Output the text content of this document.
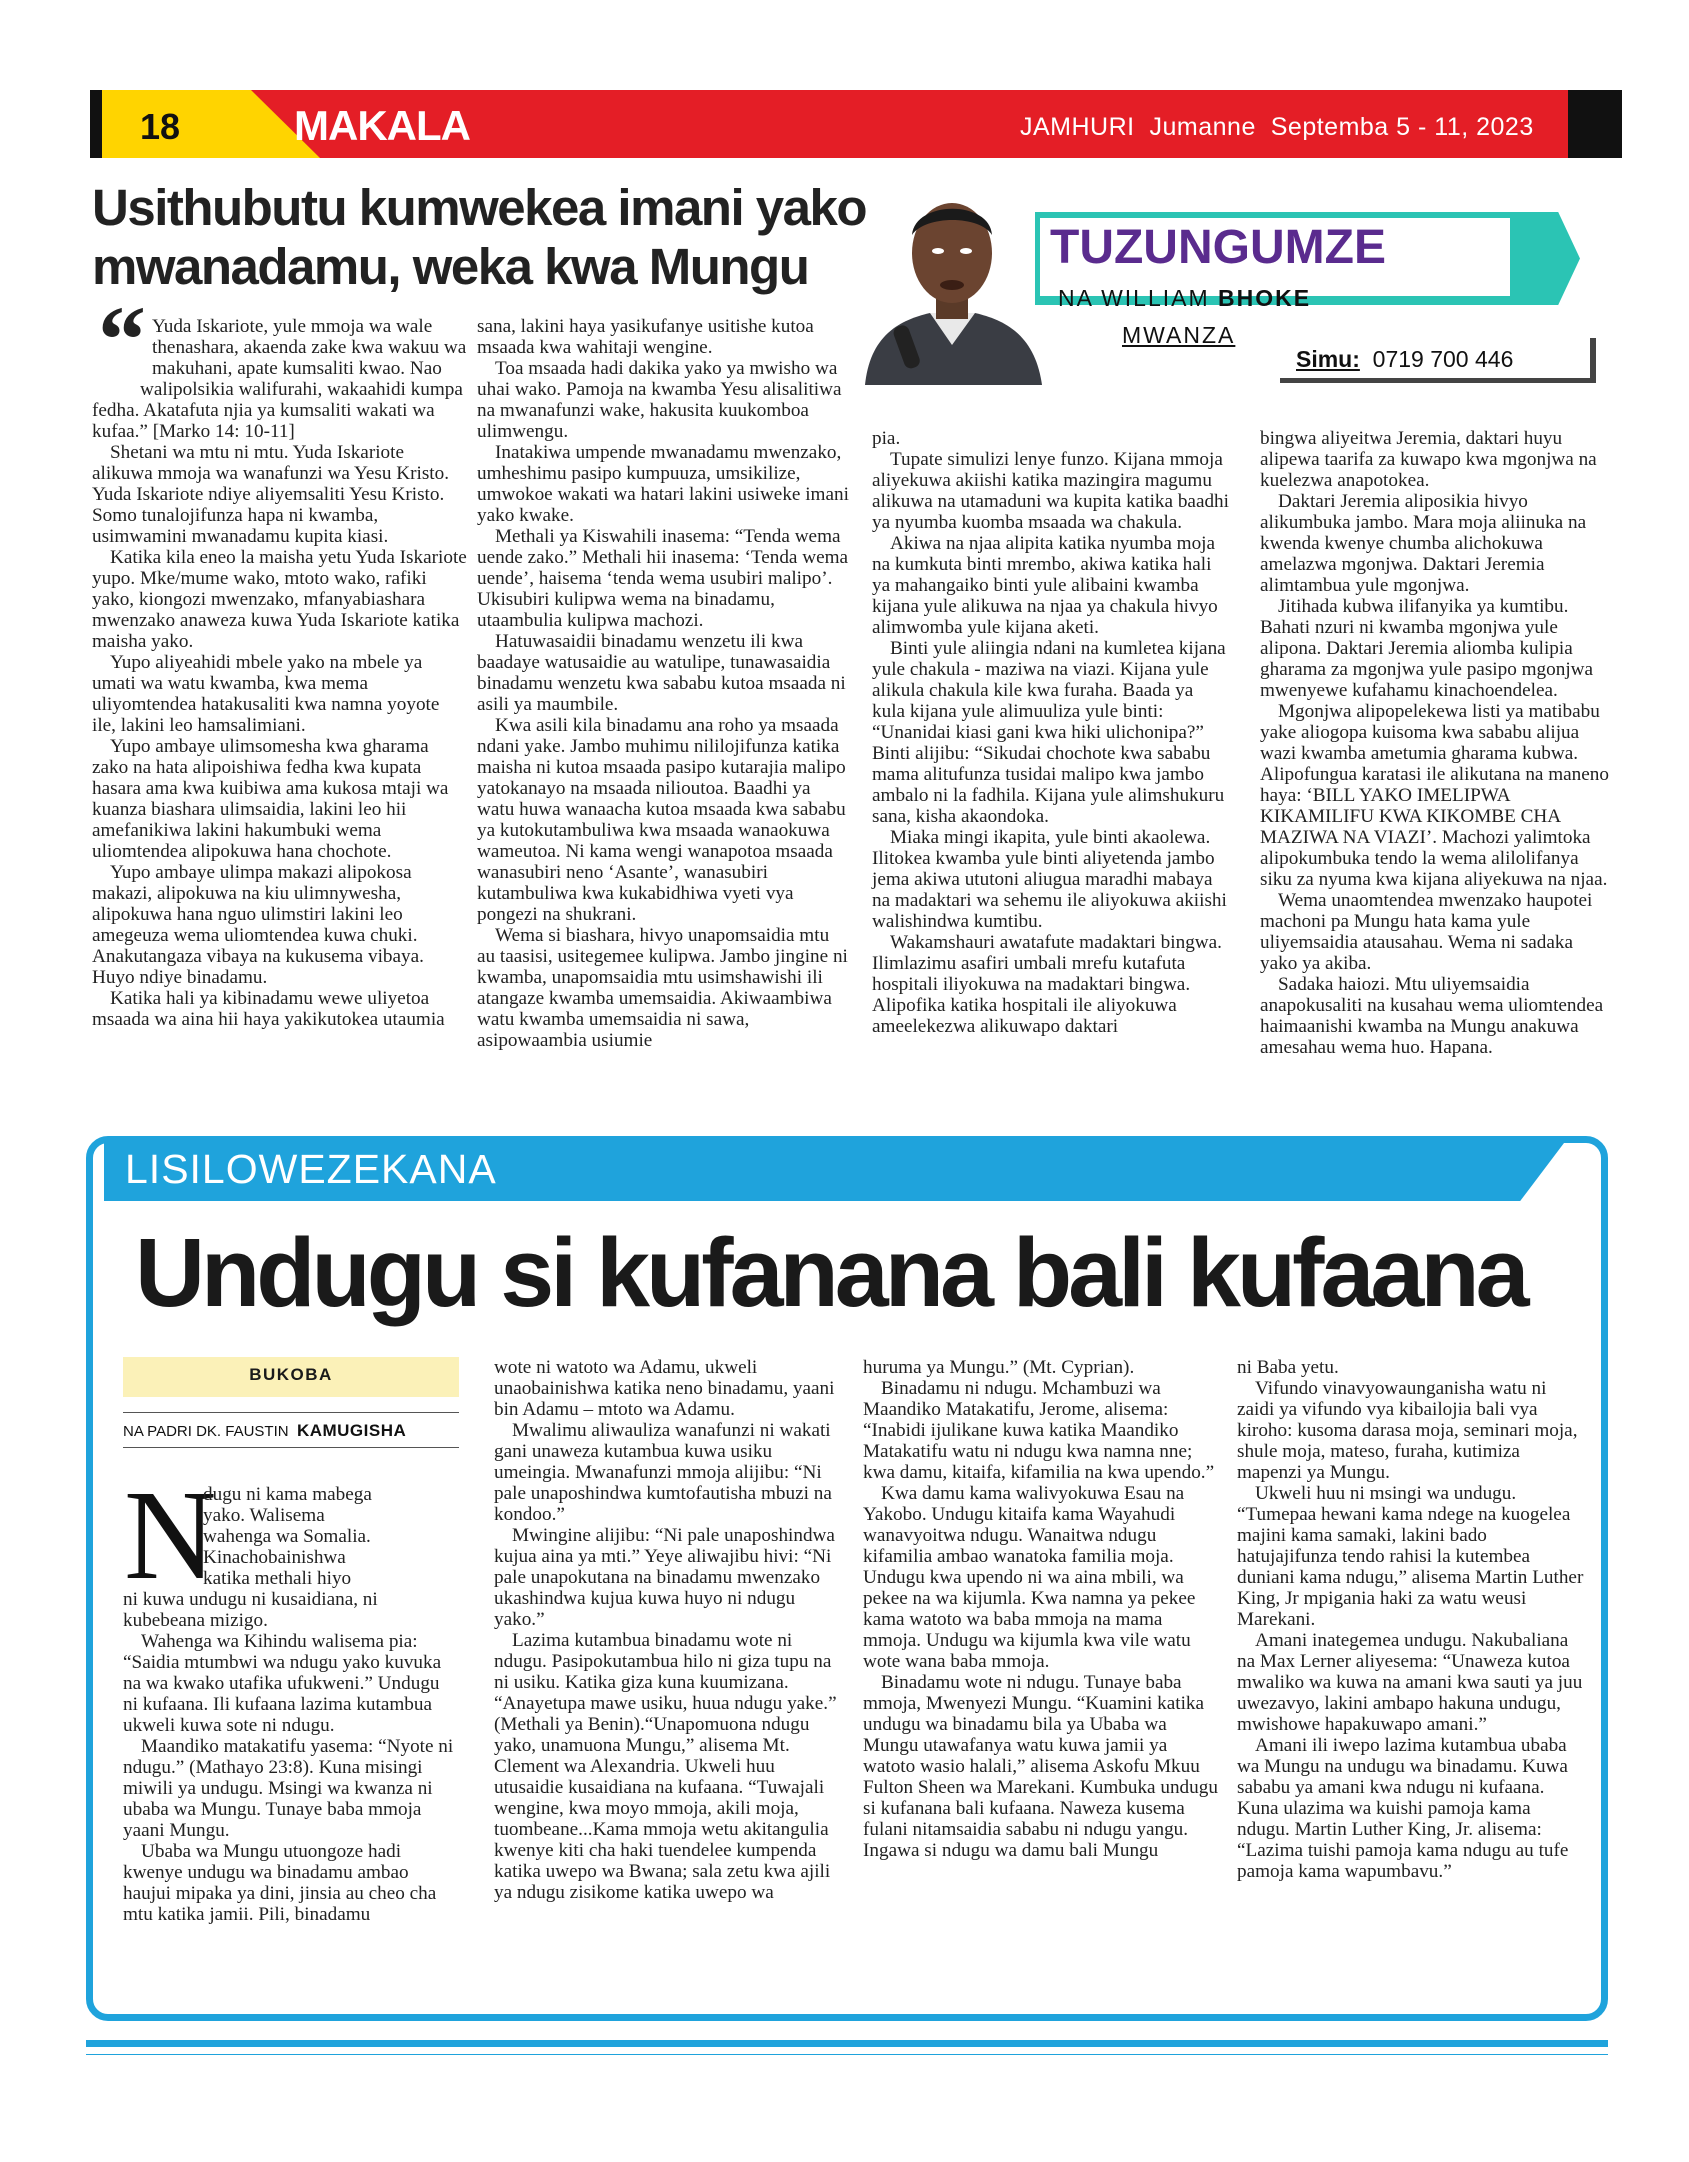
18	MAKALA	JAMHURI  Jumanne  Septemba 5 - 11, 2023
Usithubutu kumwekea imani yako
mwanadamu, weka kwa Mungu	TUZUNGUMZE
NA WILLIAM BHOKE
MWANZA
Simu: 0719 700 446
“ Yuda Iskariote, yule mmoja wa wale thenashara, akaenda zake kwa wakuu wa makuhani, apate kumsaliti kwao. Nao

walipolsikia walifurahi, wakaahidi kumpa fedha. Akatafuta njia ya kumsaliti wakati wa kufaa.” [Marko 14: 10-11]

Shetani wa mtu ni mtu. Yuda Iskariote alikuwa mmoja wa wanafunzi wa Yesu Kristo. Yuda Iskariote ndiye aliyemsaliti Yesu Kristo. Somo tunalojifunza hapa ni kwamba, usimwamini mwanadamu kupita kiasi.

Katika kila eneo la maisha yetu Yuda Iskariote yupo. Mke/mume wako, mtoto wako, rafiki yako, kiongozi mwenzako, mfanyabiashara mwenzako anaweza kuwa Yuda Iskariote katika maisha yako.

Yupo aliyeahidi mbele yako na mbele ya umati wa watu kwamba, kwa mema uliyomtendea hatakusaliti kwa namna yoyote ile, lakini leo hamsalimiani.

Yupo ambaye ulimsomesha kwa gharama zako na hata alipoishiwa fedha kwa kupata hasara ama kwa kuibiwa ama kukosa mtaji wa kuanza biashara ulimsaidia, lakini leo hii amefanikiwa lakini hakumbuki wema uliomtendea alipokuwa hana chochote.

Yupo ambaye ulimpa makazi alipokosa makazi, alipokuwa na kiu ulimnywesha, alipokuwa hana nguo ulimstiri lakini leo amegeuza wema uliomtendea kuwa chuki. Anakutangaza vibaya na kukusema vibaya. Huyo ndiye binadamu.

Katika hali ya kibinadamu wewe uliyetoa msaada wa aina hii haya yakikutokea utaumia

sana, lakini haya yasikufanye usitishe kutoa msaada kwa wahitaji wengine.

Toa msaada hadi dakika yako ya mwisho wa uhai wako. Pamoja na kwamba Yesu alisalitiwa na mwanafunzi wake, hakusita kuukomboa ulimwengu.

Inatakiwa umpende mwanadamu mwenzako, umheshimu pasipo kumpuuza, umsikilize, umwokoe wakati wa hatari lakini usiweke imani yako kwake.

Methali ya Kiswahili inasema: “Tenda wema uende zako.” Methali hii inasema: ‘Tenda wema uende’, haisema ‘tenda wema usubiri malipo’. Ukisubiri kulipwa wema na binadamu, utaambulia kulipwa machozi.

Hatuwasaidii binadamu wenzetu ili kwa baadaye watusaidie au watulipe, tunawasaidia binadamu wenzetu kwa sababu kutoa msaada ni asili ya maumbile.

Kwa asili kila binadamu ana roho ya msaada ndani yake. Jambo muhimu nililojifunza katika maisha ni kutoa msaada pasipo kutarajia malipo yatokanayo na msaada nilioutoa. Baadhi ya watu huwa wanaacha kutoa msaada kwa sababu ya kutokutambuliwa kwa msaada wanaokuwa wameutoa. Ni kama wengi wanapotoa msaada wanasubiri neno ‘Asante’, wanasubiri kutambuliwa kwa kukabidhiwa vyeti vya pongezi na shukrani.

Wema si biashara, hivyo unapomsaidia mtu au taasisi, usitegemee kulipwa. Jambo jingine ni kwamba, unapomsaidia mtu usimshawishi ili atangaze kwamba umemsaidia. Akiwaambiwa watu kwamba umemsaidia ni sawa, asipowaambia usiumie

pia.

Tupate simulizi lenye funzo. Kijana mmoja aliyekuwa akiishi katika mazingira magumu alikuwa na utamaduni wa kupita katika baadhi ya nyumba kuomba msaada wa chakula.

Akiwa na njaa alipita katika nyumba moja na kumkuta binti mrembo, akiwa katika hali ya mahangaiko binti yule alibaini kwamba kijana yule alikuwa na njaa ya chakula hivyo alimwomba yule kijana aketi.

Binti yule aliingia ndani na kumletea kijana yule chakula - maziwa na viazi. Kijana yule alikula chakula kile kwa furaha. Baada ya kula kijana yule alimuuliza yule binti: “Unanidai kiasi gani kwa hiki ulichonipa?” Binti alijibu: “Sikudai chochote kwa sababu mama alitufunza tusidai malipo kwa jambo ambalo ni la fadhila. Kijana yule alimshukuru sana, kisha akaondoka.

Miaka mingi ikapita, yule binti akaolewa. Ilitokea kwamba yule binti aliyetenda jambo jema akiwa ututoni aliugua maradhi mabaya na madaktari wa sehemu ile aliyokuwa akiishi walishindwa kumtibu.

Wakamshauri awatafute madaktari bingwa. Ilimlazimu asafiri umbali mrefu kutafuta hospitali iliyokuwa na madaktari bingwa. Alipofika katika hospitali ile aliyokuwa ameelekezwa alikuwapo daktari

bingwa aliyeitwa Jeremia, daktari huyu alipewa taarifa za kuwapo kwa mgonjwa na kuelezwa anapotokea.

Daktari Jeremia aliposikia hivyo alikumbuka jambo. Mara moja aliinuka na kwenda kwenye chumba alichokuwa amelazwa mgonjwa. Daktari Jeremia alimtambua yule mgonjwa.

Jitihada kubwa ilifanyika ya kumtibu. Bahati nzuri ni kwamba mgonjwa yule alipona. Daktari Jeremia aliomba kulipia gharama za mgonjwa yule pasipo mgonjwa mwenyewe kufahamu kinachoendelea.

Mgonjwa alipopelekewa listi ya matibabu yake aliogopa kuisoma kwa sababu alijua wazi kwamba ametumia gharama kubwa. Alipofungua karatasi ile alikutana na maneno haya: ‘BILL YAKO IMELIPWA KIKAMILIFU KWA KIKOMBE CHA MAZIWA NA VIAZI’. Machozi yalimtoka alipokumbuka tendo la wema alilolifanya siku za nyuma kwa kijana aliyekuwa na njaa.

Wema unaomtendea mwenzako haupotei machoni pa Mungu hata kama yule uliyemsaidia atausahau. Wema ni sadaka yako ya akiba.

Sadaka haiozi. Mtu uliyemsaidia anapokusaliti na kusahau wema uliomtendea haimaanishi kwamba na Mungu anakuwa amesahau wema huo. Hapana.

LISILOWEZEKANA
Undugu si kufanana bali kufaana
BUKOBA
NA PADRI DK. FAUSTIN KAMUGISHA
N

dugu ni kama mabega

yako. Walisema

wahenga wa Somalia.

Kinachobainishwa

katika methali hiyo

ni kuwa undugu ni kusaidiana, ni kubebeana mizigo.

Wahenga wa Kihindu walisema pia: “Saidia mtumbwi wa ndugu yako kuvuka na wa kwako utafika ufukweni.” Undugu ni kufaana. Ili kufaana lazima kutambua ukweli kuwa sote ni ndugu.

Maandiko matakatifu yasema: “Nyote ni ndugu.” (Mathayo 23:8). Kuna misingi miwili ya undugu. Msingi wa kwanza ni ubaba wa Mungu. Tunaye baba mmoja yaani Mungu.

Ubaba wa Mungu utuongoze hadi kwenye undugu wa binadamu ambao haujui mipaka ya dini, jinsia au cheo cha mtu katika jamii. Pili, binadamu

wote ni watoto wa Adamu, ukweli unaobainishwa katika neno binadamu, yaani bin Adamu – mtoto wa Adamu.

Mwalimu aliwauliza wanafunzi ni wakati gani unaweza kutambua kuwa usiku umeingia. Mwanafunzi mmoja alijibu: “Ni pale unaposhindwa kumtofautisha mbuzi na kondoo.”

Mwingine alijibu: “Ni pale unaposhindwa kujua aina ya mti.” Yeye aliwajibu hivi: “Ni pale unapokutana na binadamu mwenzako ukashindwa kujua kuwa huyo ni ndugu yako.”

Lazima kutambua binadamu wote ni ndugu. Pasipokutambua hilo ni giza tupu na ni usiku. Katika giza kuna kuumizana. “Anayetupa mawe usiku, huua ndugu yake.” (Methali ya Benin).“Unapomuona ndugu yako, unamuona Mungu,” alisema Mt. Clement wa Alexandria. Ukweli huu utusaidie kusaidiana na kufaana. “Tuwajali wengine, kwa moyo mmoja, akili moja, tuombeane...Kama mmoja wetu akitangulia kwenye kiti cha haki tuendelee kumpenda katika uwepo wa Bwana; sala zetu kwa ajili ya ndugu zisikome katika uwepo wa

huruma ya Mungu.” (Mt. Cyprian).

Binadamu ni ndugu. Mchambuzi wa Maandiko Matakatifu, Jerome, alisema: “Inabidi ijulikane kuwa katika Maandiko Matakatifu watu ni ndugu kwa namna nne; kwa damu, kitaifa, kifamilia na kwa upendo.”

Kwa damu kama walivyokuwa Esau na Yakobo. Undugu kitaifa kama Wayahudi wanavyoitwa ndugu. Wanaitwa ndugu kifamilia ambao wanatoka familia moja. Undugu kwa upendo ni wa aina mbili, wa pekee na wa kijumla. Kwa namna ya pekee kama watoto wa baba mmoja na mama mmoja. Undugu wa kijumla kwa vile watu wote wana baba mmoja.

Binadamu wote ni ndugu. Tunaye baba mmoja, Mwenyezi Mungu. “Kuamini katika undugu wa binadamu bila ya Ubaba wa Mungu utawafanya watu kuwa jamii ya watoto wasio halali,” alisema Askofu Mkuu Fulton Sheen wa Marekani. Kumbuka undugu si kufanana bali kufaana. Naweza kusema fulani nitamsaidia sababu ni ndugu yangu. Ingawa si ndugu wa damu bali Mungu

ni Baba yetu.

Vifundo vinavyowaunganisha watu ni zaidi ya vifundo vya kibailojia bali vya kiroho: kusoma darasa moja, seminari moja, shule moja, mateso, furaha, kutimiza mapenzi ya Mungu.

Ukweli huu ni msingi wa undugu. “Tumepaa hewani kama ndege na kuogelea majini kama samaki, lakini bado hatujajifunza tendo rahisi la kutembea duniani kama ndugu,” alisema Martin Luther King, Jr mpigania haki za watu weusi Marekani.

Amani inategemea undugu. Nakubaliana na Max Lerner aliyesema: “Unaweza kutoa mwaliko wa kuwa na amani kwa sauti ya juu uwezavyo, lakini ambapo hakuna undugu, mwishowe hapakuwapo amani.”

Amani ili iwepo lazima kutambua ubaba wa Mungu na undugu wa binadamu. Kuwa sababu ya amani kwa ndugu ni kufaana. Kuna ulazima wa kuishi pamoja kama ndugu. Martin Luther King, Jr. alisema: “Lazima tuishi pamoja kama ndugu au tufe pamoja kama wapumbavu.”
